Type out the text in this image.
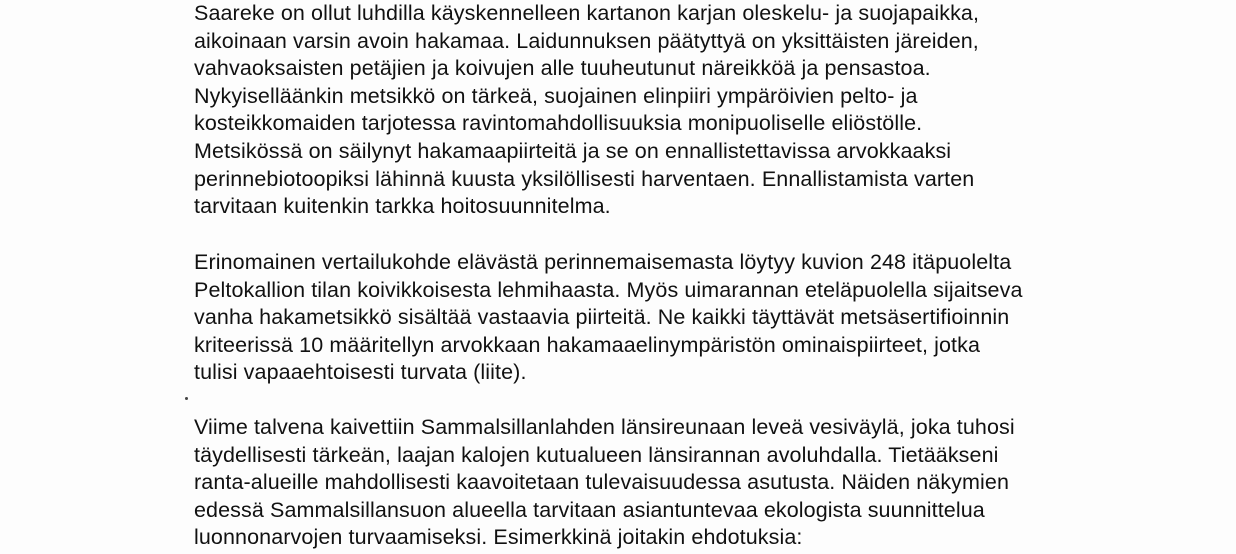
Saareke on ollut luhdilla käyskennelleen kartanon karjan oleskelu- ja suojapaikka,
aikoinaan varsin avoin hakamaa. Laidunnuksen päätyttyä on yksittäisten järeiden,
vahvaoksaisten petäjien ja koivujen alle tuuheutunut näreikköä ja pensastoa.
Nykyiselläänkin metsikkö on tärkeä, suojainen elinpiiri ympäröivien pelto- ja
kosteikkomaiden tarjotessa ravintomahdollisuuksia monipuoliselle eliöstölle.
Metsikössä on säilynyt hakamaapiirteitä ja se on ennallistettavissa arvokkaaksi
perinnebiotoopiksi lähinnä kuusta yksilöllisesti harventaen. Ennallistamista varten
tarvitaan kuitenkin tarkka hoitosuunnitelma.
Erinomainen vertailukohde elävästä perinnemaisemasta löytyy kuvion 248 itäpuolelta
Peltokallion tilan koivikkoisesta lehmihaasta. Myös uimarannan eteläpuolella sijaitseva
vanha hakametsikkö sisältää vastaavia piirteitä. Ne kaikki täyttävät metsäsertifioinnin
kriteerissä 10 määritellyn arvokkaan hakamaaelinympäristön ominaispiirteet, jotka
tulisi vapaaehtoisesti turvata (liite).
Viime talvena kaivettiin Sammalsillanlahden länsireunaan leveä vesiväylä, joka tuhosi
täydellisesti tärkeän, laajan kalojen kutualueen länsirannan avoluhdalla. Tietääkseni
ranta-alueille mahdollisesti kaavoitetaan tulevaisuudessa asutusta. Näiden näkymien
edessä Sammalsillansuon alueella tarvitaan asiantuntevaa ekologista suunnittelua
luonnonarvojen turvaamiseksi. Esimerkkinä joitakin ehdotuksia:
